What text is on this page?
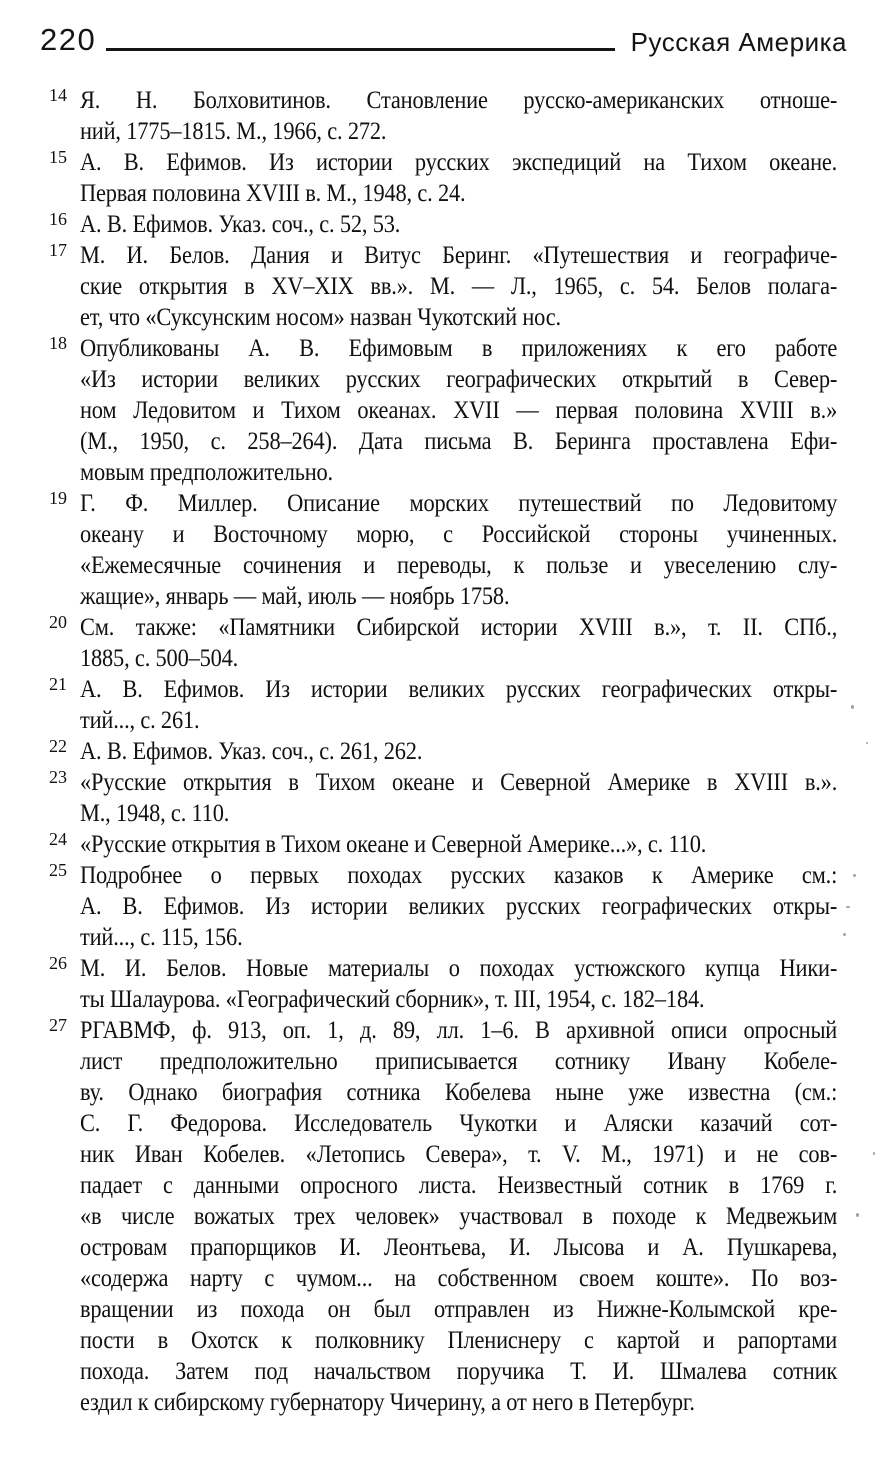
220	Русская Америка
14 Я. Н. Болховитинов. Становление русско-американских отноше-
ний, 1775–1815. М., 1966, с. 272.
15 А. В. Ефимов. Из истории русских экспедиций на Тихом океане.
Первая половина XVIII в. М., 1948, с. 24.
16 А. В. Ефимов. Указ. соч., с. 52, 53.
17 М. И. Белов. Дания и Витус Беринг. «Путешествия и географиче-
ские открытия в XV–XIX вв.». М. — Л., 1965, с. 54. Белов полага-
ет, что «Суксунским носом» назван Чукотский нос.
18 Опубликованы А. В. Ефимовым в приложениях к его работе
«Из истории великих русских географических открытий в Север-
ном Ледовитом и Тихом океанах. XVII — первая половина XVIII в.»
(М., 1950, с. 258–264). Дата письма В. Беринга проставлена Ефи-
мовым предположительно.
19 Г. Ф. Миллер. Описание морских путешествий по Ледовитому
океану и Восточному морю, с Российской стороны учиненных.
«Ежемесячные сочинения и переводы, к пользе и увеселению слу-
жащие», январь — май, июль — ноябрь 1758.
20 См. также: «Памятники Сибирской истории XVIII в.», т. II. СПб.,
1885, с. 500–504.
21 А. В. Ефимов. Из истории великих русских географических откры-
тий..., с. 261.
22 А. В. Ефимов. Указ. соч., с. 261, 262.
23 «Русские открытия в Тихом океане и Северной Америке в XVIII в.».
М., 1948, с. 110.
24 «Русские открытия в Тихом океане и Северной Америке...», с. 110.
25 Подробнее о первых походах русских казаков к Америке см.:
А. В. Ефимов. Из истории великих русских географических откры-
тий..., с. 115, 156.
26 М. И. Белов. Новые материалы о походах устюжского купца Ники-
ты Шалаурова. «Географический сборник», т. III, 1954, с. 182–184.
27 РГАВМФ, ф. 913, оп. 1, д. 89, лл. 1–6. В архивной описи опросный
лист предположительно приписывается сотнику Ивану Кобеле-
ву. Однако биография сотника Кобелева ныне уже известна (см.:
С. Г. Федорова. Исследователь Чукотки и Аляски казачий сот-
ник Иван Кобелев. «Летопись Севера», т. V. М., 1971) и не сов-
падает с данными опросного листа. Неизвестный сотник в 1769 г.
«в числе вожатых трех человек» участвовал в походе к Медвежьим
островам прапорщиков И. Леонтьева, И. Лысова и А. Пушкарева,
«содержа нарту с чумом... на собственном своем коште». По воз-
вращении из похода он был отправлен из Нижне-Колымской кре-
пости в Охотск к полковнику Плениснеру с картой и рапортами
похода. Затем под начальством поручика Т. И. Шмалева сотник
ездил к сибирскому губернатору Чичерину, а от него в Петербург.
